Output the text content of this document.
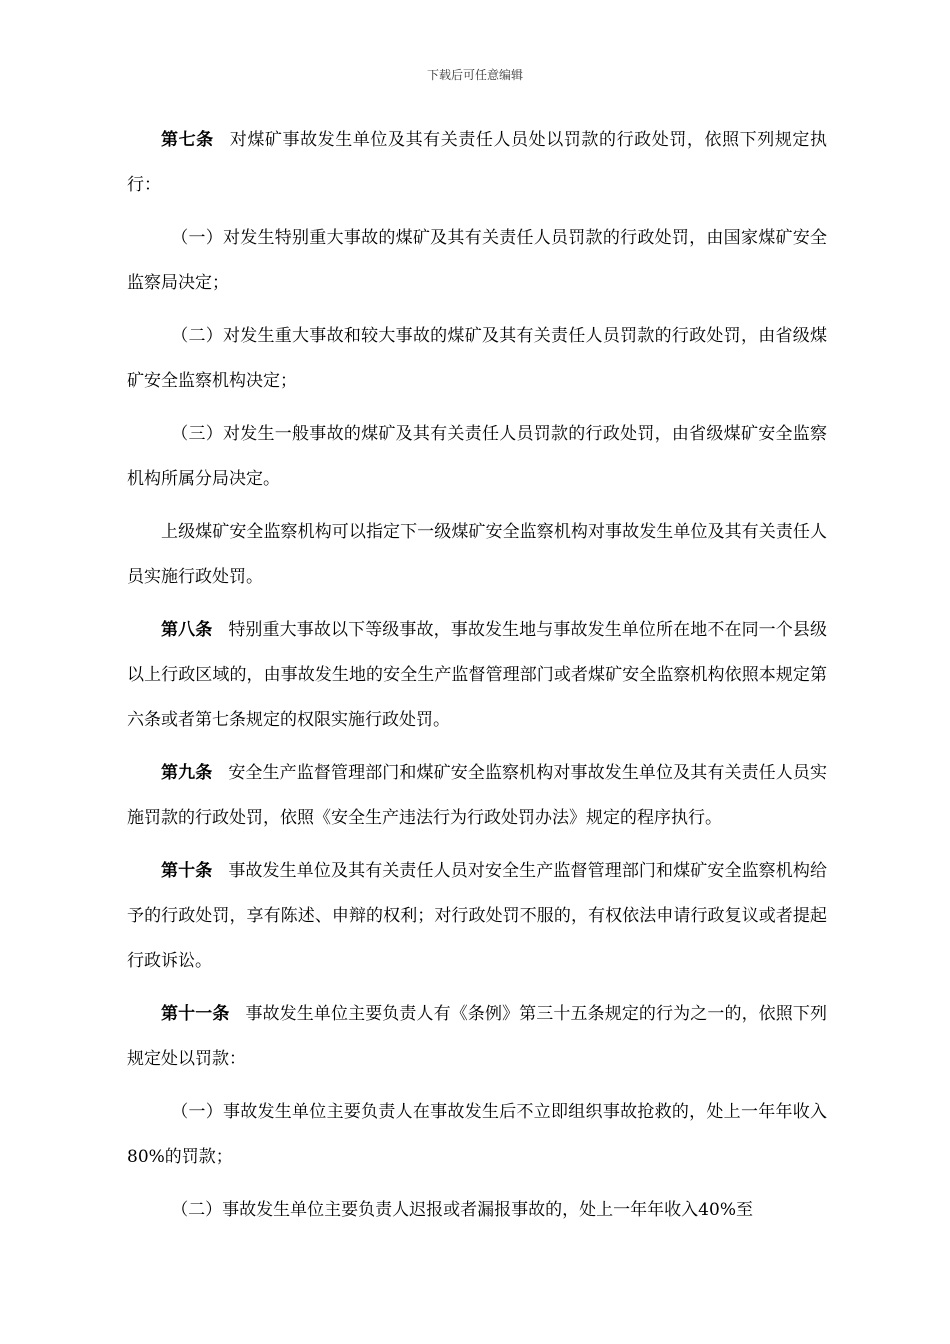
下载后可任意编辑

第七条 对煤矿事故发生单位及其有关责任人员处以罚款的行政处罚，依照下列规定执行：

（一）对发生特别重大事故的煤矿及其有关责任人员罚款的行政处罚，由国家煤矿安全监察局决定；

（二）对发生重大事故和较大事故的煤矿及其有关责任人员罚款的行政处罚，由省级煤矿安全监察机构决定；

（三）对发生一般事故的煤矿及其有关责任人员罚款的行政处罚，由省级煤矿安全监察机构所属分局决定。

上级煤矿安全监察机构可以指定下一级煤矿安全监察机构对事故发生单位及其有关责任人员实施行政处罚。

第八条 特别重大事故以下等级事故，事故发生地与事故发生单位所在地不在同一个县级以上行政区域的，由事故发生地的安全生产监督管理部门或者煤矿安全监察机构依照本规定第六条或者第七条规定的权限实施行政处罚。

第九条 安全生产监督管理部门和煤矿安全监察机构对事故发生单位及其有关责任人员实施罚款的行政处罚，依照《安全生产违法行为行政处罚办法》规定的程序执行。

第十条 事故发生单位及其有关责任人员对安全生产监督管理部门和煤矿安全监察机构给予的行政处罚，享有陈述、申辩的权利；对行政处罚不服的，有权依法申请行政复议或者提起行政诉讼。

第十一条 事故发生单位主要负责人有《条例》第三十五条规定的行为之一的，依照下列规定处以罚款：

（一）事故发生单位主要负责人在事故发生后不立即组织事故抢救的，处上一年年收入80%的罚款；

（二）事故发生单位主要负责人迟报或者漏报事故的，处上一年年收入40%至
